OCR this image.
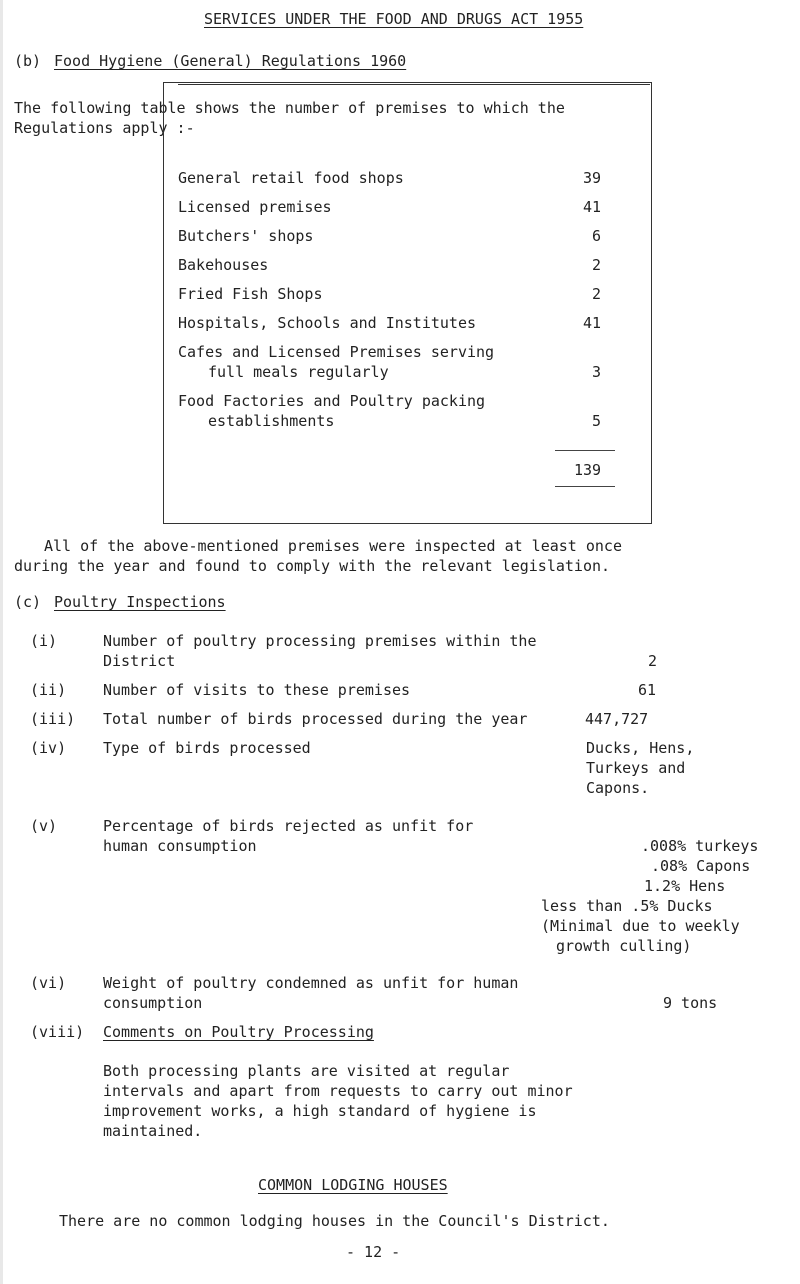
SERVICES UNDER THE FOOD AND DRUGS ACT 1955
(b) Food Hygiene (General) Regulations 1960
The following table shows the number of premises to which the
Regulations apply :-
General retail food shops	39
Licensed premises	41
Butchers' shops	6
Bakehouses	2
Fried Fish Shops	2
Hospitals, Schools and Institutes	41
Cafes and Licensed Premises serving
full meals regularly	3
Food Factories and Poultry packing
establishments	5
139
All of the above-mentioned premises were inspected at least once
during the year and found to comply with the relevant legislation.
(c) Poultry Inspections
(i)	Number of poultry processing premises within the
District	2
(ii) Number of visits to these premises	61
(iii) Total number of birds processed during the year	447,727
(iv) Type of birds processed	Ducks, Hens,
Turkeys and
Capons.
(v)	Percentage of birds rejected as unfit for
human consumption	.008% turkeys
.08% Capons
1.2% Hens
less than .5% Ducks
(Minimal due to weekly
growth culling)
(vi) Weight of poultry condemned as unfit for human
consumption	9 tons
(viii) Comments on Poultry Processing
Both processing plants are visited at regular
intervals and apart from requests to carry out minor
improvement works, a high standard of hygiene is
maintained.
COMMON LODGING HOUSES
There are no common lodging houses in the Council's District.
- 12 -
